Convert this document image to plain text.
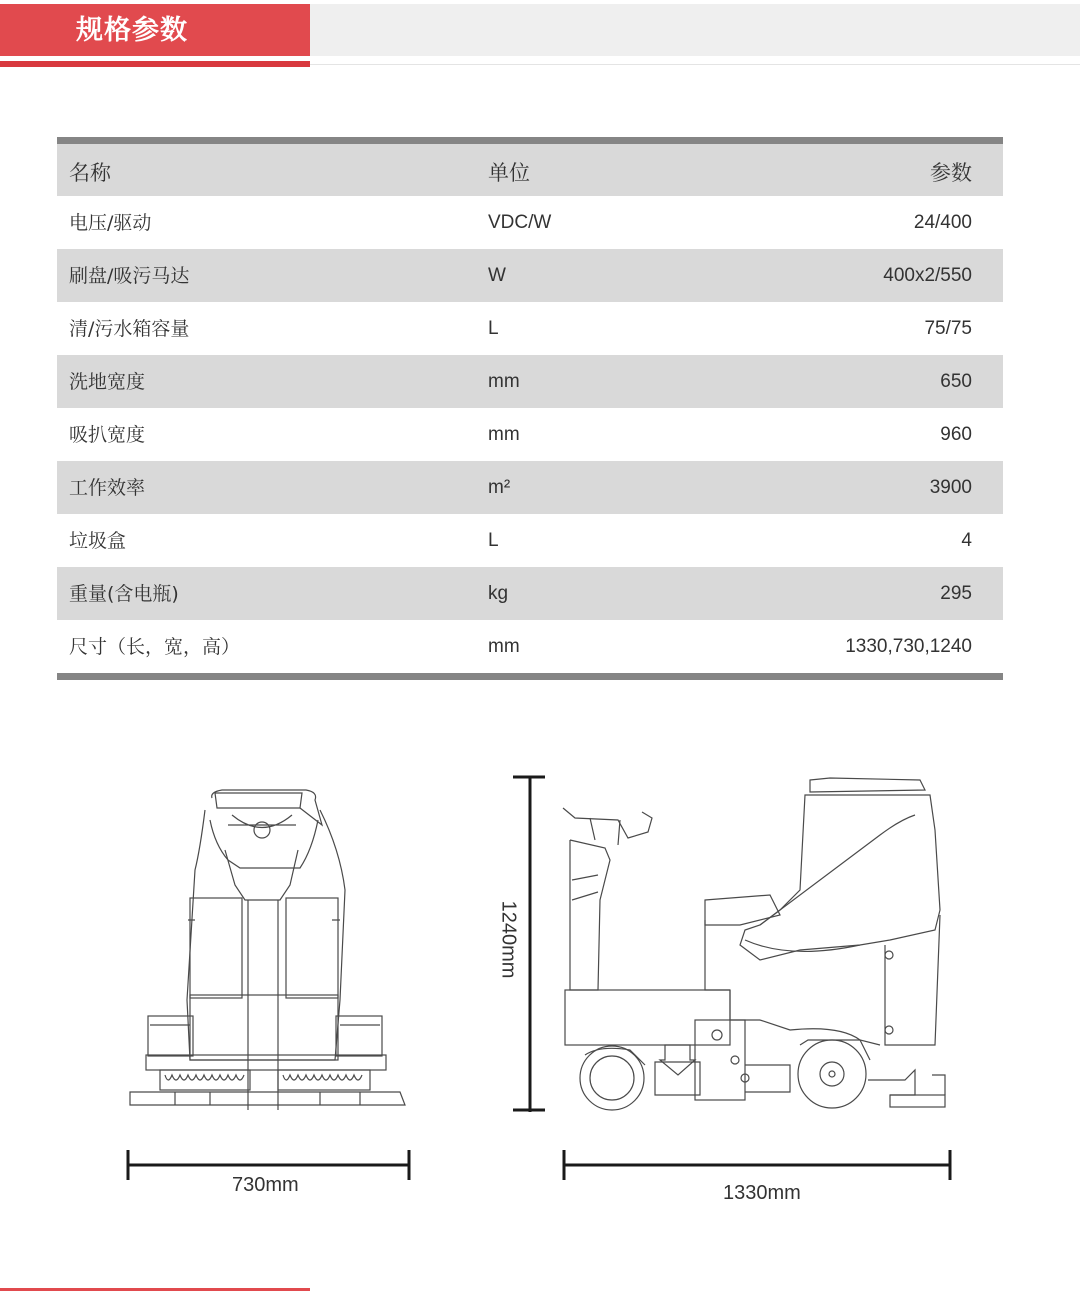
规格参数
名称	单位	参数
电压/驱动	VDC/W	24/400
刷盘/吸污马达	W	400x2/550
清/污水箱容量	L	75/75
洗地宽度	mm	650
吸扒宽度	mm	960
工作效率	m²	3900
垃圾盒	L	4
重量(含电瓶)	kg	295
尺寸（长，宽，高）	mm	1330,730,1240
730mm	1330mm
1240mm
